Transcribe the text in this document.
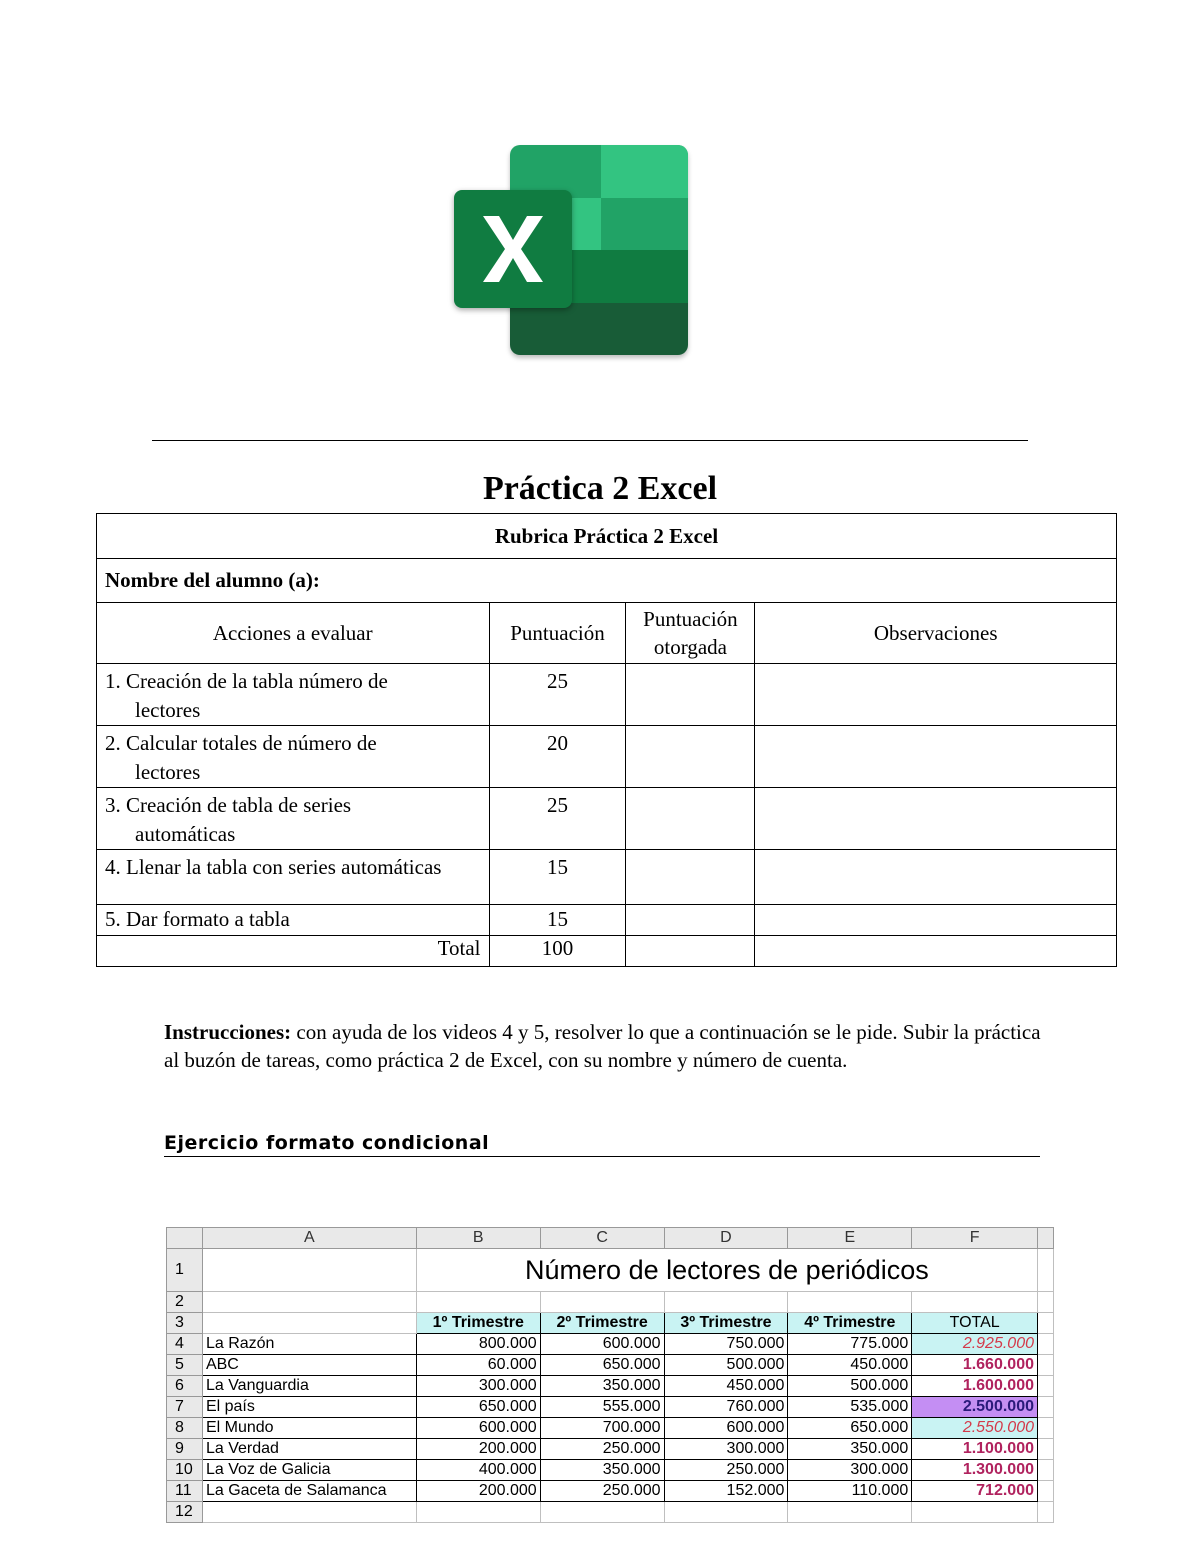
Práctica 2 Excel
Rubrica Práctica 2 Excel			
Nombre del alumno (a):			
Acciones a evaluar	Puntuación	Puntuación otorgada	Observaciones

1. Creación de la tabla número de
lectores	25		

2. Calcular totales de número de
lectores	20		

3. Creación de tabla de series
automáticas	25		

4. Llenar la tabla con series automáticas	15		

5. Dar formato a tabla	15		
Total	100		
Instrucciones: con ayuda de los videos 4 y 5, resolver lo que a continuación se le pide. Subir la práctica al buzón de tareas, como práctica 2 de Excel, con su nombre y número de cuenta.
Ejercicio formato condicional
	A	B	C	D	E	F	
1		Número de lectores de periódicos					
2							
3		1º Trimestre	2º Trimestre	3º Trimestre	4º Trimestre	TOTAL	
4	La Razón	800.000	600.000	750.000	775.000	2.925.000	
5	ABC	60.000	650.000	500.000	450.000	1.660.000	
6	La Vanguardia	300.000	350.000	450.000	500.000	1.600.000	
7	El país	650.000	555.000	760.000	535.000	2.500.000	
8	El Mundo	600.000	700.000	600.000	650.000	2.550.000	
9	La Verdad	200.000	250.000	300.000	350.000	1.100.000	
10	La Voz de Galicia	400.000	350.000	250.000	300.000	1.300.000	
11	La Gaceta de Salamanca	200.000	250.000	152.000	110.000	712.000	
12							
